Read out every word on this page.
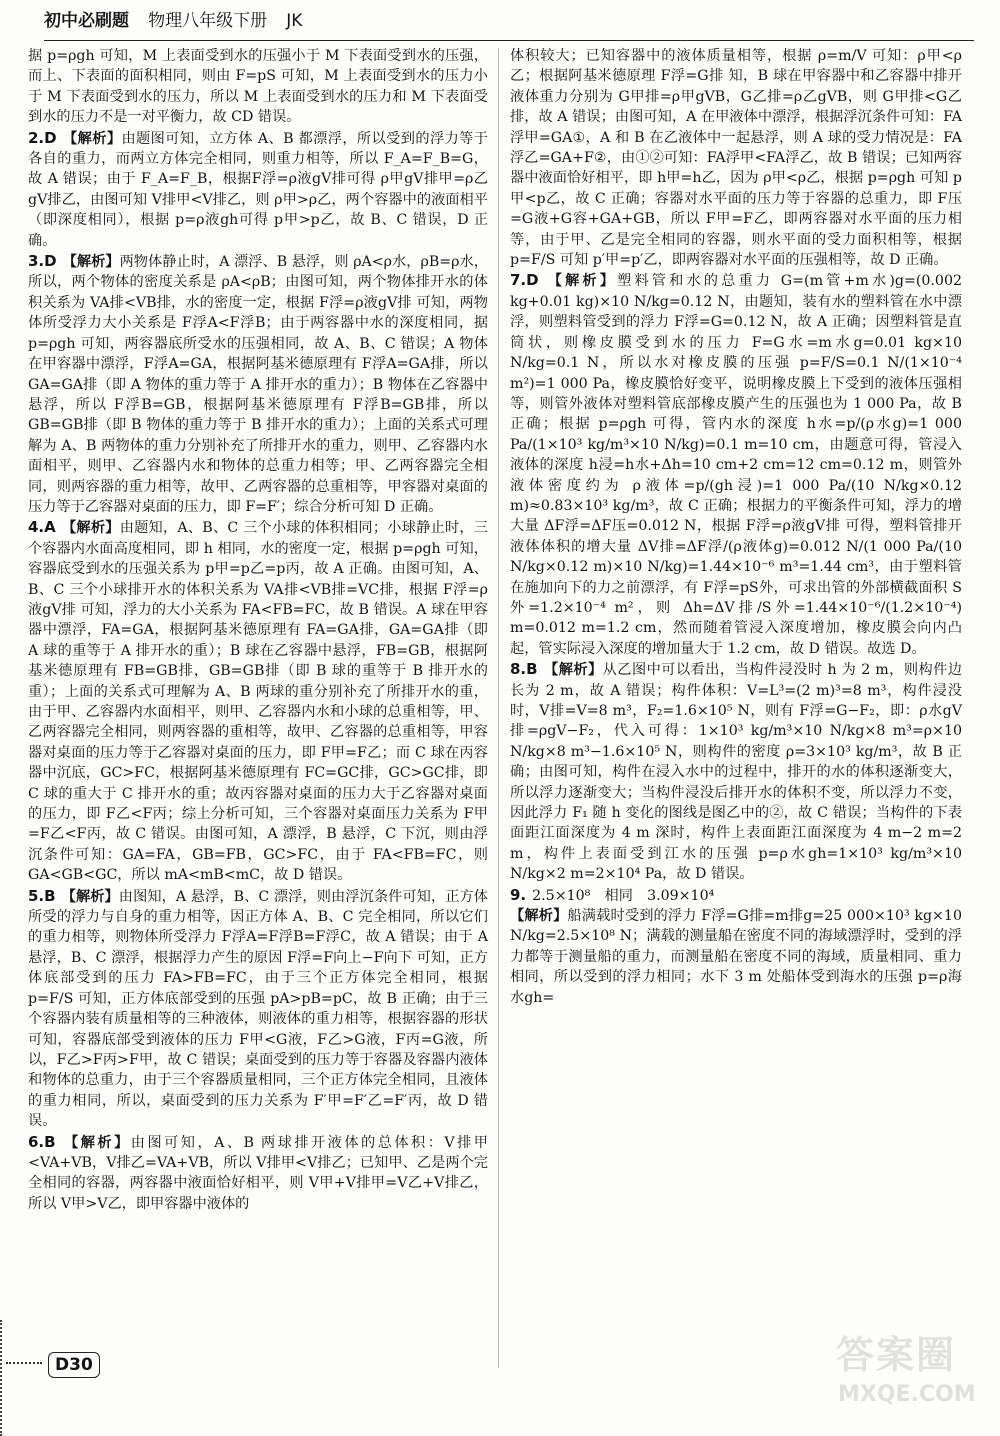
初中必刷题 物理八年级下册 JK

据 p=ρgh 可知，M 上表面受到水的压强小于 M 下表面受到水的压强，而上、下表面的面积相同，则由 F=pS 可知，M 上表面受到水的压力小于 M 下表面受到水的压力，所以 M 上表面受到水的压力和 M 下表面受到水的压力不是一对平衡力，故 CD 错误。

2.D 【解析】由题图可知，立方体 A、B 都漂浮，所以受到的浮力等于各自的重力，而两立方体完全相同，则重力相等，所以 F_A=F_B=G，故 A 错误；由于 F_A=F_B，根据F浮=ρ液gV排可得 ρ甲gV排甲=ρ乙gV排乙，由图可知 V排甲<V排乙，则 ρ甲>ρ乙，两个容器中的液面相平（即深度相同），根据 p=ρ液gh可得 p甲>p乙，故 B、C 错误，D 正确。

3.D 【解析】两物体静止时，A 漂浮、B 悬浮，则 ρA<ρ水，ρB=ρ水，所以，两个物体的密度关系是 ρA<ρB；由图可知，两个物体排开水的体积关系为 VA排<VB排，水的密度一定，根据 F浮=ρ液gV排 可知，两物体所受浮力大小关系是 F浮A<F浮B；由于两容器中水的深度相同，据 p=ρgh 可知，两容器底所受水的压强相同，故 A、B、C 错误；A 物体在甲容器中漂浮，F浮A=GA，根据阿基米德原理有 F浮A=GA排，所以 GA=GA排（即 A 物体的重力等于 A 排开水的重力）；B 物体在乙容器中悬浮，所以 F浮B=GB，根据阿基米德原理有 F浮B=GB排，所以 GB=GB排（即 B 物体的重力等于 B 排开水的重力）；上面的关系式可理解为 A、B 两物体的重力分别补充了所排开水的重力，则甲、乙容器内水面相平，则甲、乙容器内水和物体的总重力相等；甲、乙两容器完全相同，则两容器的重力相等，故甲、乙两容器的总重相等，甲容器对桌面的压力等于乙容器对桌面的压力，即 F=F′；综合分析可知 D 正确。

4.A 【解析】由题知，A、B、C 三个小球的体积相同；小球静止时，三个容器内水面高度相同，即 h 相同，水的密度一定，根据 p=ρgh 可知，容器底受到水的压强关系为 p甲=p乙=p丙，故 A 正确。由图可知，A、B、C 三个小球排开水的体积关系为 VA排<VB排=VC排，根据 F浮=ρ液gV排 可知，浮力的大小关系为 FA<FB=FC，故 B 错误。A 球在甲容器中漂浮，FA=GA，根据阿基米德原理有 FA=GA排，GA=GA排（即 A 球的重等于 A 排开水的重）；B 球在乙容器中悬浮，FB=GB，根据阿基米德原理有 FB=GB排，GB=GB排（即 B 球的重等于 B 排开水的重）；上面的关系式可理解为 A、B 两球的重分别补充了所排开水的重，由于甲、乙容器内水面相平，则甲、乙容器内水和小球的总重相等，甲、乙两容器完全相同，则两容器的重相等，故甲、乙容器的总重相等，甲容器对桌面的压力等于乙容器对桌面的压力，即 F甲=F乙；而 C 球在丙容器中沉底，GC>FC，根据阿基米德原理有 FC=GC排，GC>GC排，即 C 球的重大于 C 排开水的重；故丙容器对桌面的压力大于乙容器对桌面的压力，即 F乙<F丙；综上分析可知，三个容器对桌面压力关系为 F甲=F乙<F丙，故 C 错误。由图可知，A 漂浮，B 悬浮，C 下沉，则由浮沉条件可知：GA=FA，GB=FB，GC>FC，由于 FA<FB=FC，则 GA<GB<GC，所以 mA<mB<mC，故 D 错误。

5.B 【解析】由图知，A 悬浮，B、C 漂浮，则由浮沉条件可知，正方体所受的浮力与自身的重力相等，因正方体 A、B、C 完全相同，所以它们的重力相等，则物体所受浮力 F浮A=F浮B=F浮C，故 A 错误；由于 A 悬浮，B、C 漂浮，根据浮力产生的原因 F浮=F向上−F向下 可知，正方体底部受到的压力 FA>FB=FC，由于三个正方体完全相同，根据 p=F/S 可知，正方体底部受到的压强 pA>pB=pC，故 B 正确；由于三个容器内装有质量相等的三种液体，则液体的重力相等，根据容器的形状可知，容器底部受到液体的压力 F甲<G液，F乙>G液，F丙=G液，所以，F乙>F丙>F甲，故 C 错误；桌面受到的压力等于容器及容器内液体和物体的总重力，由于三个容器质量相同，三个正方体完全相同，且液体的重力相同，所以，桌面受到的压力关系为 F′甲=F′乙=F′丙，故 D 错误。

6.B 【解析】由图可知，A、B 两球排开液体的总体积：V排甲<VA+VB，V排乙=VA+VB，所以 V排甲<V排乙；已知甲、乙是两个完全相同的容器，两容器中液面恰好相平，则 V甲+V排甲=V乙+V排乙，所以 V甲>V乙，即甲容器中液体的

体积较大；已知容器中的液体质量相等，根据 ρ=m/V 可知：ρ甲<ρ乙；根据阿基米德原理 F浮=G排 知，B 球在甲容器中和乙容器中排开液体重力分别为 G甲排=ρ甲gVB，G乙排=ρ乙gVB，则 G甲排<G乙排，故 A 错误；由图可知，A 在甲液体中漂浮，根据浮沉条件可知：FA浮甲=GA①，A 和 B 在乙液体中一起悬浮，则 A 球的受力情况是：FA浮乙=GA+F②，由①②可知：FA浮甲<FA浮乙，故 B 错误；已知两容器中液面恰好相平，即 h甲=h乙，因为 ρ甲<ρ乙，根据 p=ρgh 可知 p甲<p乙，故 C 正确；容器对水平面的压力等于容器的总重力，即 F压=G液+G容+GA+GB，所以 F甲=F乙，即两容器对水平面的压力相等，由于甲、乙是完全相同的容器，则水平面的受力面积相等，根据 p=F/S 可知 p′甲=p′乙，即两容器对水平面的压强相等，故 D 正确。

7.D 【解析】塑料管和水的总重力 G=(m管+m水)g=(0.002 kg+0.01 kg)×10 N/kg=0.12 N，由题知，装有水的塑料管在水中漂浮，则塑料管受到的浮力 F浮=G=0.12 N，故 A 正确；因塑料管是直筒状，则橡皮膜受到水的压力 F=G水=m水g=0.01 kg×10 N/kg=0.1 N，所以水对橡皮膜的压强 p=F/S=0.1 N/(1×10⁻⁴ m²)=1 000 Pa，橡皮膜恰好变平，说明橡皮膜上下受到的液体压强相等，则管外液体对塑料管底部橡皮膜产生的压强也为 1 000 Pa，故 B 正确；根据 p=ρgh 可得，管内水的深度 h水=p/(ρ水g)=1 000 Pa/(1×10³ kg/m³×10 N/kg)=0.1 m=10 cm，由题意可得，管浸入液体的深度 h浸=h水+Δh=10 cm+2 cm=12 cm=0.12 m，则管外液体密度约为 ρ液体=p/(gh浸)=1 000 Pa/(10 N/kg×0.12 m)≈0.83×10³ kg/m³，故 C 正确；根据力的平衡条件可知，浮力的增大量 ΔF浮=ΔF压=0.012 N，根据 F浮=ρ液gV排 可得，塑料管排开液体体积的增大量 ΔV排=ΔF浮/(ρ液体g)=0.012 N/(1 000 Pa/(10 N/kg×0.12 m)×10 N/kg)=1.44×10⁻⁶ m³=1.44 cm³，由于塑料管在施加向下的力之前漂浮，有 F浮=pS外，可求出管的外部横截面积 S外=1.2×10⁻⁴ m²，则 Δh=ΔV排/S外=1.44×10⁻⁶/(1.2×10⁻⁴) m=0.012 m=1.2 cm，然而随着管浸入深度增加，橡皮膜会向内凸起，管实际浸入深度的增加量大于 1.2 cm，故 D 错误。故选 D。

8.B 【解析】从乙图中可以看出，当构件浸没时 h 为 2 m，则构件边长为 2 m，故 A 错误；构件体积：V=L³=(2 m)³=8 m³，构件浸没时，V排=V=8 m³，F₂=1.6×10⁵ N，则有 F浮=G−F₂，即：ρ水gV排=ρgV−F₂，代入可得：1×10³ kg/m³×10 N/kg×8 m³=ρ×10 N/kg×8 m³−1.6×10⁵ N，则构件的密度 ρ=3×10³ kg/m³，故 B 正确；由图可知，构件在浸入水中的过程中，排开的水的体积逐渐变大，所以浮力逐渐变大；当构件浸没后排开水的体积不变，所以浮力不变，因此浮力 F₁ 随 h 变化的图线是图乙中的②，故 C 错误；当构件的下表面距江面深度为 4 m 深时，构件上表面距江面深度为 4 m−2 m=2 m，构件上表面受到江水的压强 p=ρ水gh=1×10³ kg/m³×10 N/kg×2 m=2×10⁴ Pa，故 D 错误。

9. 2.5×10⁸　相同　3.09×10⁴

【解析】船满载时受到的浮力 F浮=G排=m排g=25 000×10³ kg×10 N/kg=2.5×10⁸ N；满载的测量船在密度不同的海域漂浮时，受到的浮力都等于测量船的重力，而测量船在密度不同的海域，质量相同、重力相同，所以受到的浮力相同；水下 3 m 处船体受到海水的压强 p=ρ海水gh=

D30	答案圈
MXQE.COM
